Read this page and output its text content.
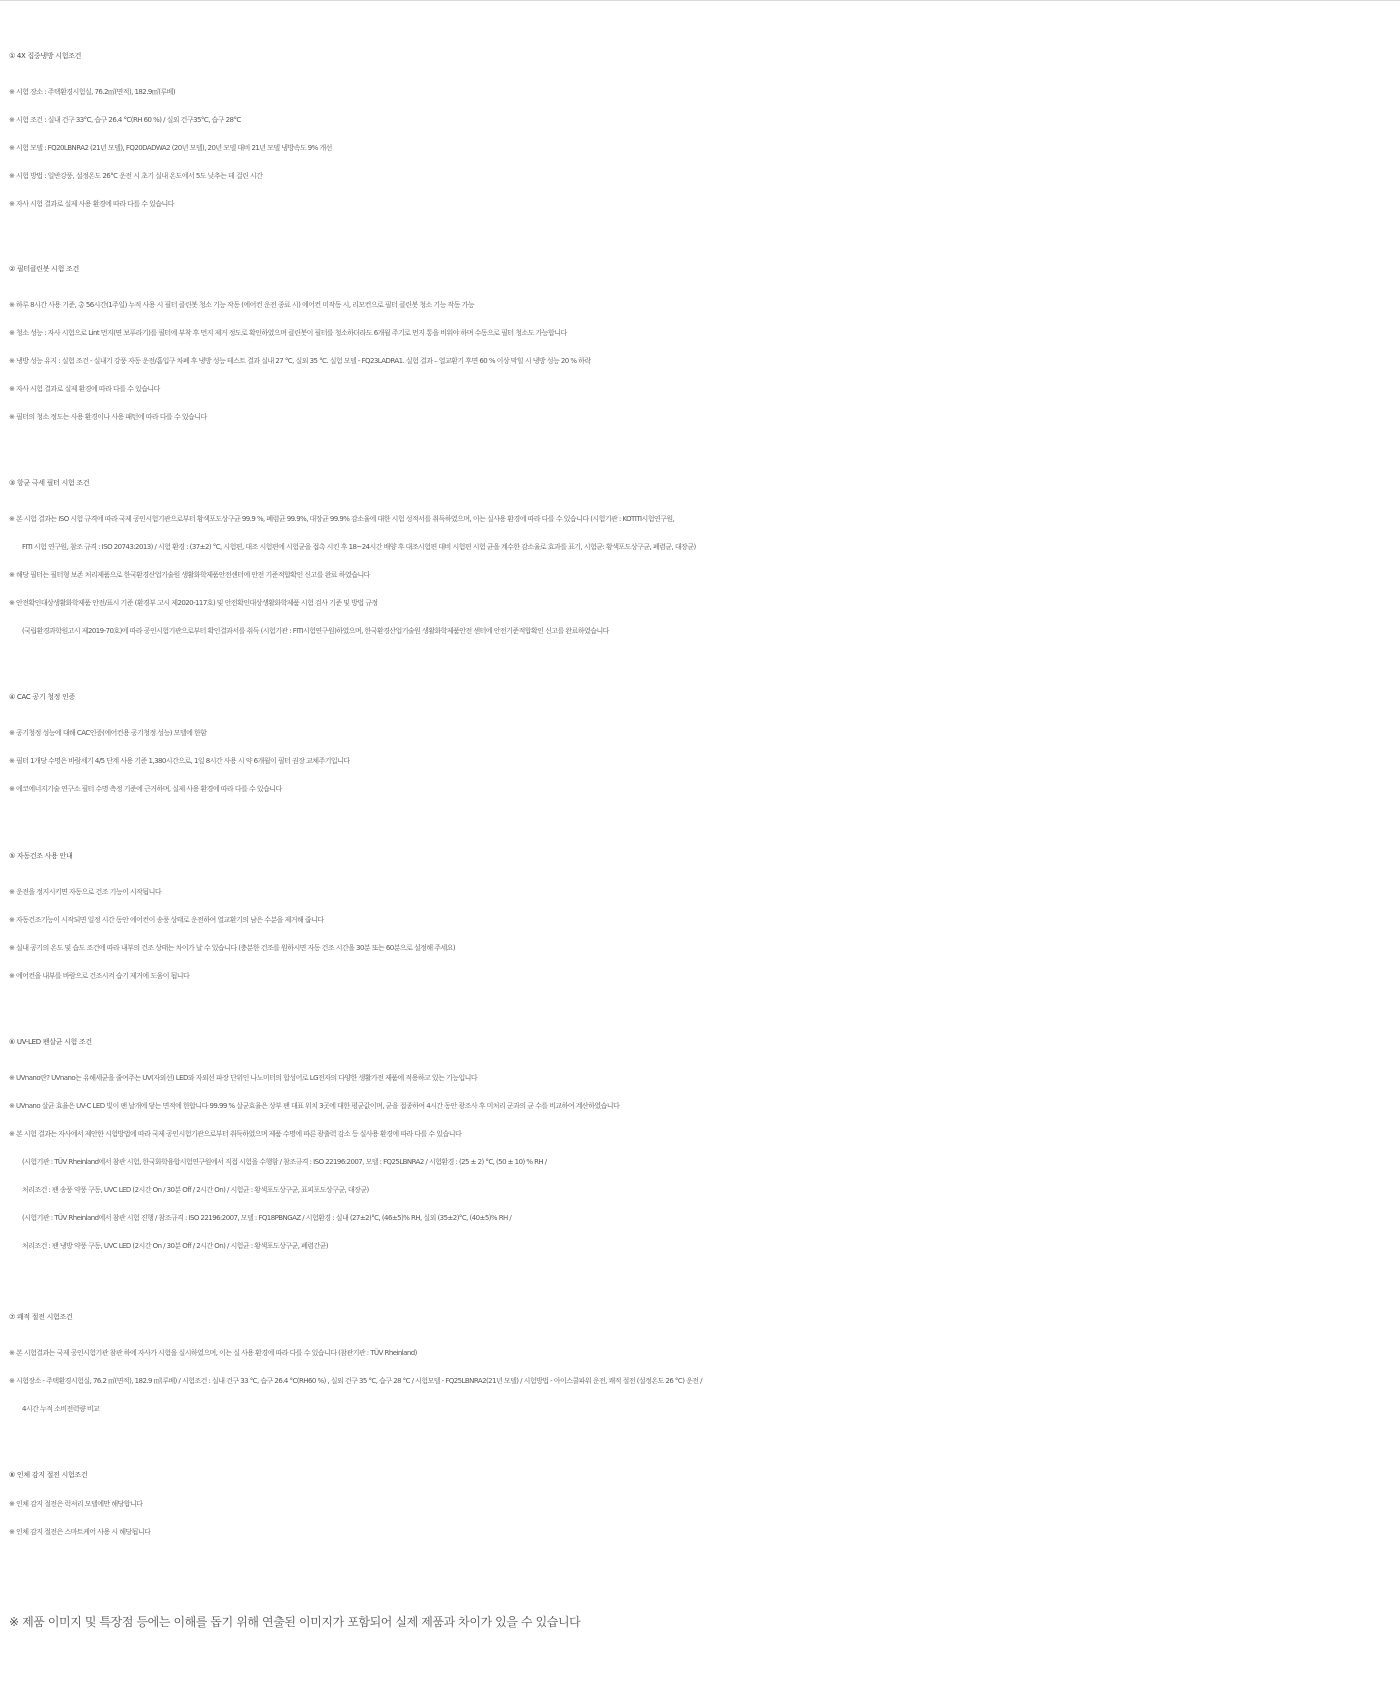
① 4X 집중냉방 시험조건
※ 시험 장소 : 주택환경시험실, 76.2㎡(면적), 182.9㎥(루베)
※ 시험 조건 : 실내 건구 33°C, 습구 26.4 °C(RH 60 %) / 실외 건구35°C, 습구 28°C
※ 시험 모델 : FQ20LBNRA2 (21년 모델), FQ20DADWA2 (20년 모델), 20년 모델 대비 21년 모델 냉방속도 9% 개선
※ 시험 방법 : 일반강풍, 설정온도 26°C 운전 시 초기 실내 온도에서 5도 낮추는 데 걸린 시간
※ 자사 시험 결과로 실제 사용 환경에 따라 다를 수 있습니다
② 필터클린봇 시험 조건
※ 하루 8시간 사용 기준, 총 56시간(1주일) 누적 사용 시 필터 클린봇 청소 기능 작동 (에어컨 운전 종료 시) 에어컨 미작동 시, 리모컨으로 필터 클린봇 청소 기능 작동 가능
※ 청소 성능 : 자사 시험으로 Lint 먼지(면 보푸라기)를 필터에 부착 후 먼지 제거 정도로 확인하였으며 클린봇이 필터를 청소하더라도 6개월 주기로 먼지 통을 비워야 하며 수동으로 필터 청소도 가능합니다
※ 냉방 성능 유지 : 실험 조건 - 실내기 강풍 자동 운전/흡입구 차폐 후 냉방 성능 테스트 결과 실내 27 °C, 실외 35 °C. 실험 모델 - FQ23LADRA1. 실험 결과 – 열교환기 후면 60 % 이상 막힐 시 냉방 성능 20 % 하락
※ 자사 시험 결과로 실제 환경에 따라 다를 수 있습니다
※ 필터의 청소 정도는 사용 환경이나 사용 패턴에 따라 다를 수 있습니다
③ 항균 극세 필터 시험 조건
※ 본 시험 결과는 ISO 시험 규격에 따라 국제 공인시험기관으로부터 황색포도상구균 99.9 %, 폐렴균 99.9%, 대장균 99.9% 감소율에 대한 시험 성적서를 취득하였으며, 이는 실사용 환경에 따라 다를 수 있습니다 (시험기관 : KOTITI시험연구원,
FITI 시험 연구원, 참조 규격 : ISO 20743:2013) / 시험 환경 : (37±2) °C, 시험편, 대조 시험편에 시험균을 접촉 시킨 후 18~24시간 배양 후 대조시험편 대비 시험편 시험 균을 계수한 감소율로 효과를 표기, 시험균: 황색포도상구균, 폐렴균, 대장균)
※ 해당 필터는 필터형 보존 처리제품으로 한국환경산업기술원 생활화학제품안전센터에 안전 기준적합확인 신고를 완료 하였습니다
※ 안전확인대상생활화학제품 안전/표시 기준 (환경부 고시 제2020-117호) 및 안전확인대상생활화학제품 시험 검사 기준 및 방법 규정
(국립환경과학원고시 제2019-70호)에 따라 공인시험기관으로부터 확인결과서를 취득 (시험기관 : FITI시험연구원)하였으며, 한국환경산업기술원 생활화학제품안전 센터에 안전기준적합확인 신고를 완료하였습니다
④ CAC 공기 청정 인증
※ 공기청정 성능에 대해 CAC인증(에어컨용 공기청정 성능) 모델에 한함
※ 필터 1개당 수명은 바람세기 4/5 단계 사용 기준 1,380시간으로, 1일 8시간 사용 시 약 6개월이 필터 권장 교체주기입니다
※ 에코에너지기술 연구소 필터 수명 측정 기준에 근거하며, 실제 사용 환경에 따라 다를 수 있습니다
⑤ 자동건조 사용 안내
※ 운전을 정지시키면 자동으로 건조 기능이 시작됩니다
※ 자동건조기능이 시작되면 일정 시간 동안 에어컨이 송풍 상태로 운전하여 열교환기의 남은 수분을 제거해 줍니다
※ 실내 공기의 온도 및 습도 조건에 따라 내부의 건조 상태는 차이가 날 수 있습니다 (충분한 건조를 원하시면 자동 건조 시간을 30분 또는 60분으로 설정해 주세요)
※ 에어컨을 내부를 바람으로 건조시켜 습기 제거에 도움이 됩니다
⑥ UV-LED 팬살균 시험 조건
※ UVnano란? UVnano는 유해세균을 줄여주는 UV(자외선) LED와 자외선 파장 단위인 나노미터의 합성어로 LG전자의 다양한 생활가전 제품에 적용하고 있는 기능입니다
※ UVnano 살균 효율은 UV-C LED 빛이 팬 날개에 닿는 면적에 한합니다 99.99 % 살균효율은 상부 팬 대표 위치 3곳에 대한 평균값이며, 균을 접종하여 4시간 동안 광조사 후 미처리 군과의 균 수를 비교하여 계산하였습니다
※ 본 시험 결과는 자사에서 제안한 시험방법에 따라 국제 공인시험기관으로부터 취득하였으며 제품 수명에 따른 광출력 감소 등 실사용 환경에 따라 다를 수 있습니다
(시험기관 : TÜV Rheinland에서 참관 시험, 한국화학융합시험연구원에서 직접 시험을 수행함 / 참조규격 : ISO 22196:2007, 모델 : FQ25LBNRA2 / 시험환경 : (25 ± 2) °C, (50 ± 10) % RH /
처리조건 : 팬 송풍 약풍 구동, UVC LED (2시간 On / 30분 Off / 2시간 On) / 시험균 : 황색포도상구균, 표피포도상구균, 대장균)
(시험기관 : TÜV Rheinland에서 참관 시험 진행 / 참조규격 : ISO 22196:2007, 모델 : FQ18PBNGAZ / 시험환경 : 실내 (27±2)°C, (46±5)% RH, 실외 (35±2)°C, (40±5)% RH /
처리조건 : 팬 냉방 약풍 구동, UVC LED (2시간 On / 30분 Off / 2시간 On) / 시험균 : 황색포도상구균, 폐렴간균)
⑦ 쾌적 절전 시험조건
※ 본 시험결과는 국제 공인시험기관 참관 하에 자사가 시험을 실시하였으며, 이는 실 사용 환경에 따라 다를 수 있습니다 (참관기관 : TÜV Rheinland)
※ 시험장소 - 주택환경시험실, 76.2 ㎡(면적), 182.9 ㎥(루베) / 시험조건 : 실내 건구 33 °C, 습구 26.4 °C(RH60 %) , 실외 건구 35 °C, 습구 28 °C / 시험모델 - FQ25LBNRA2(21년 모델) / 시험방법 - 아이스쿨파워 운전, 쾌적 절전 (설정온도 26 °C) 운전 /
4시간 누적 소비전력량 비교
⑧ 인체 감지 절전 시험조건
※ 인체 감지 절전은 럭셔리 모델에만 해당합니다
※ 인체 감지 절전은 스마트케어 사용 시 해당됩니다
※ 제품 이미지 및 특장점 등에는 이해를 돕기 위해 연출된 이미지가 포함되어 실제 제품과 차이가 있을 수 있습니다
